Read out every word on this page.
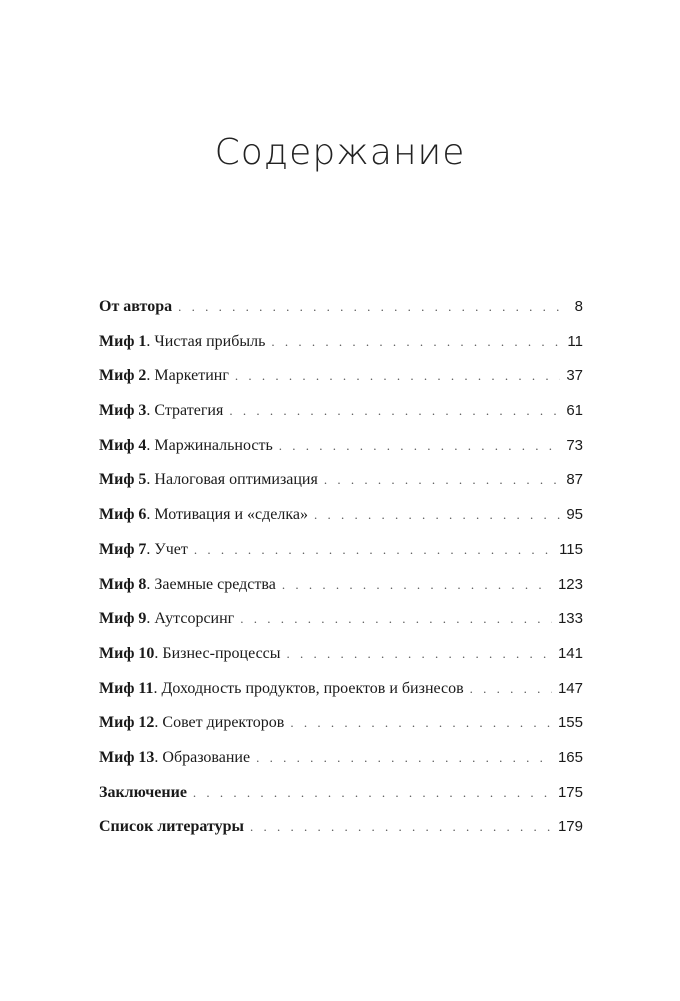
Содержание
От автора . . .	8
Миф 1. Чистая прибыль . . .	11
Миф 2. Маркетинг . . .	37
Миф 3. Стратегия . . .	61
Миф 4. Маржинальность . . .	73
Миф 5. Налоговая оптимизация . . .	87
Миф 6. Мотивация и «сделка» . . .	95
Миф 7. Учет . . .	115
Миф 8. Заемные средства . . .	123
Миф 9. Аутсорсинг . . .	133
Миф 10. Бизнес-процессы . . .	141
Миф 11. Доходность продуктов, проектов и бизнесов . . .	147
Миф 12. Совет директоров . . .	155
Миф 13. Образование . . .	165
Заключение . . .	175
Список литературы . . .	179
